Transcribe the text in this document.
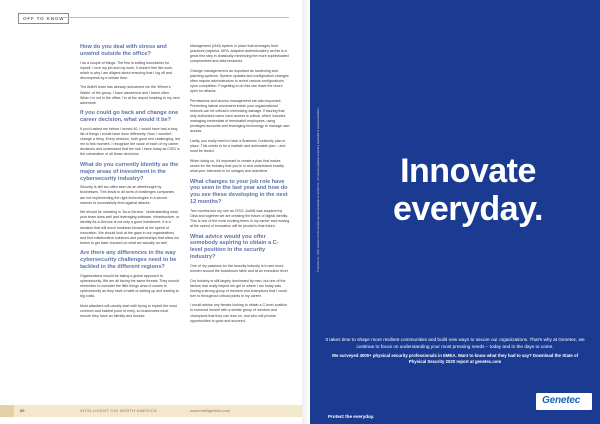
OFF TO KNOW
How do you deal with stress and unwind outside the office?
I do a couple of things. The first is setting boundaries for myself. I love my job and my work, it doesn't feel like work, which is why I am diligent about ensuring that I log off and decompress by a certain time.
The AuthN team has already nicknamed me the 'Where's Waldo' of the group. I have wanderlust and I travel often. When I'm not in the office, I'm at the airport heading to my next adventure.
If you could go back and change one career decision, what would it be?
If you'd asked me before I turned 40, I would have had a long list of things I would have done differently. Now, I wouldn't change a thing. Every decision, both good and challenging, led me to this moment. I recognize the value of each of my career decisions and understand that the role I have today as CISO is the culmination of all those decisions.
What do you currently identify as the major areas of investment in the cybersecurity industry?
Security is still too often seen as an afterthought by businesses. This leads to all sorts of challenges companies are not implementing the right technologies in a secure manner to successfully fend against attacks.
We should be investing in 'As-a-Service.' Understanding what your team does well and leveraging software, infrastructure, or identity As-a-Service is not only a good investment, it is a decision that will move business forward at the speed of innovation. We should look at the gaps in our organizations and find collaborative solutions and partnerships that allow our teams to get laser-focused on what we actually do well.
Are there any differences in the way cybersecurity challenges need to be tackled in the different regions?
Organizations should be taking a global approach to cybersecurity. We are all facing the same threats. They should remember to consider the little things when it comes to cybersecurity as they have a habit of adding up and leading to big costs.
Most attackers will usually start with trying to exploit the most common and easiest point of entry, so businesses must ensure they have an Identity and Access
Management (IAM) system in place that leverages best practices (captcha, MFA, adaptive authentication) as this is a great first step in drastically minimizing the more sophisticated compromises and data breaches.
Change management is as important as hardening and patching systems. System updates and configuration changes often require administrators to revert various configurations upon completion. Forgetting to do this can leave the doors open for attacks.
Permissions and access management are also important. Preventing lateral movement inside your organizational network can be critical in minimizing damage. Ensuring that only authorized users have access is critical, which includes managing credentials of terminated employees, using privileged accounts and leveraging technology to manage user access.
Lastly, you really need to have a Business Continuity plan in place. This needs to be a realistic and actionable plan – and must be tested.
When doing so, it's important to create a plan that makes sense for the industry that you're in and understand exactly what your tolerance is for outages and downtime.
What changes to your job role have you seen in the last year and how do you see these developing in the next 12 months?
Two months into my role as CISO, AuthN was acquired by Okta and together we are creating the future of digital identity. This is one of the most exciting times in my career and moving at the speed of innovation will be pivotal to that future.
What advice would you offer somebody aspiring to obtain a C-level position in the security industry?
One of my passions for the security industry is to see more women around the boardroom table and at an executive level.
Our industry is still largely dominated by men, but one of the factors that really helped me get to where I am today was having a strong group of mentors and champions that I could turn to throughout critical points in my career.
I would advise any female looking to obtain a C-level position to surround herself with a similar group of mentors and champions that they can lean on, and who will provide opportunities to grow and succeed.
60	INTELLIGENT CIO NORTH AMERICA	www.intelligentcio.com
© Genetec Inc., 2020. Genetec and the Genetec logo are trademarks of Genetec Inc., and may be registered or pending registration in several jurisdictions.	Innovate everyday.
It takes time to shape more resilient communities and build new ways to secure our organizations. That's why at Genetec, we continue to focus on understanding your most pressing needs – today and in the days to come.
We surveyed 4000+ physical security professionals in EMEA. Want to know what they had to say? Download the State of Physical Security 2020 report at genetec.com
Protect the everyday.
Genetec
